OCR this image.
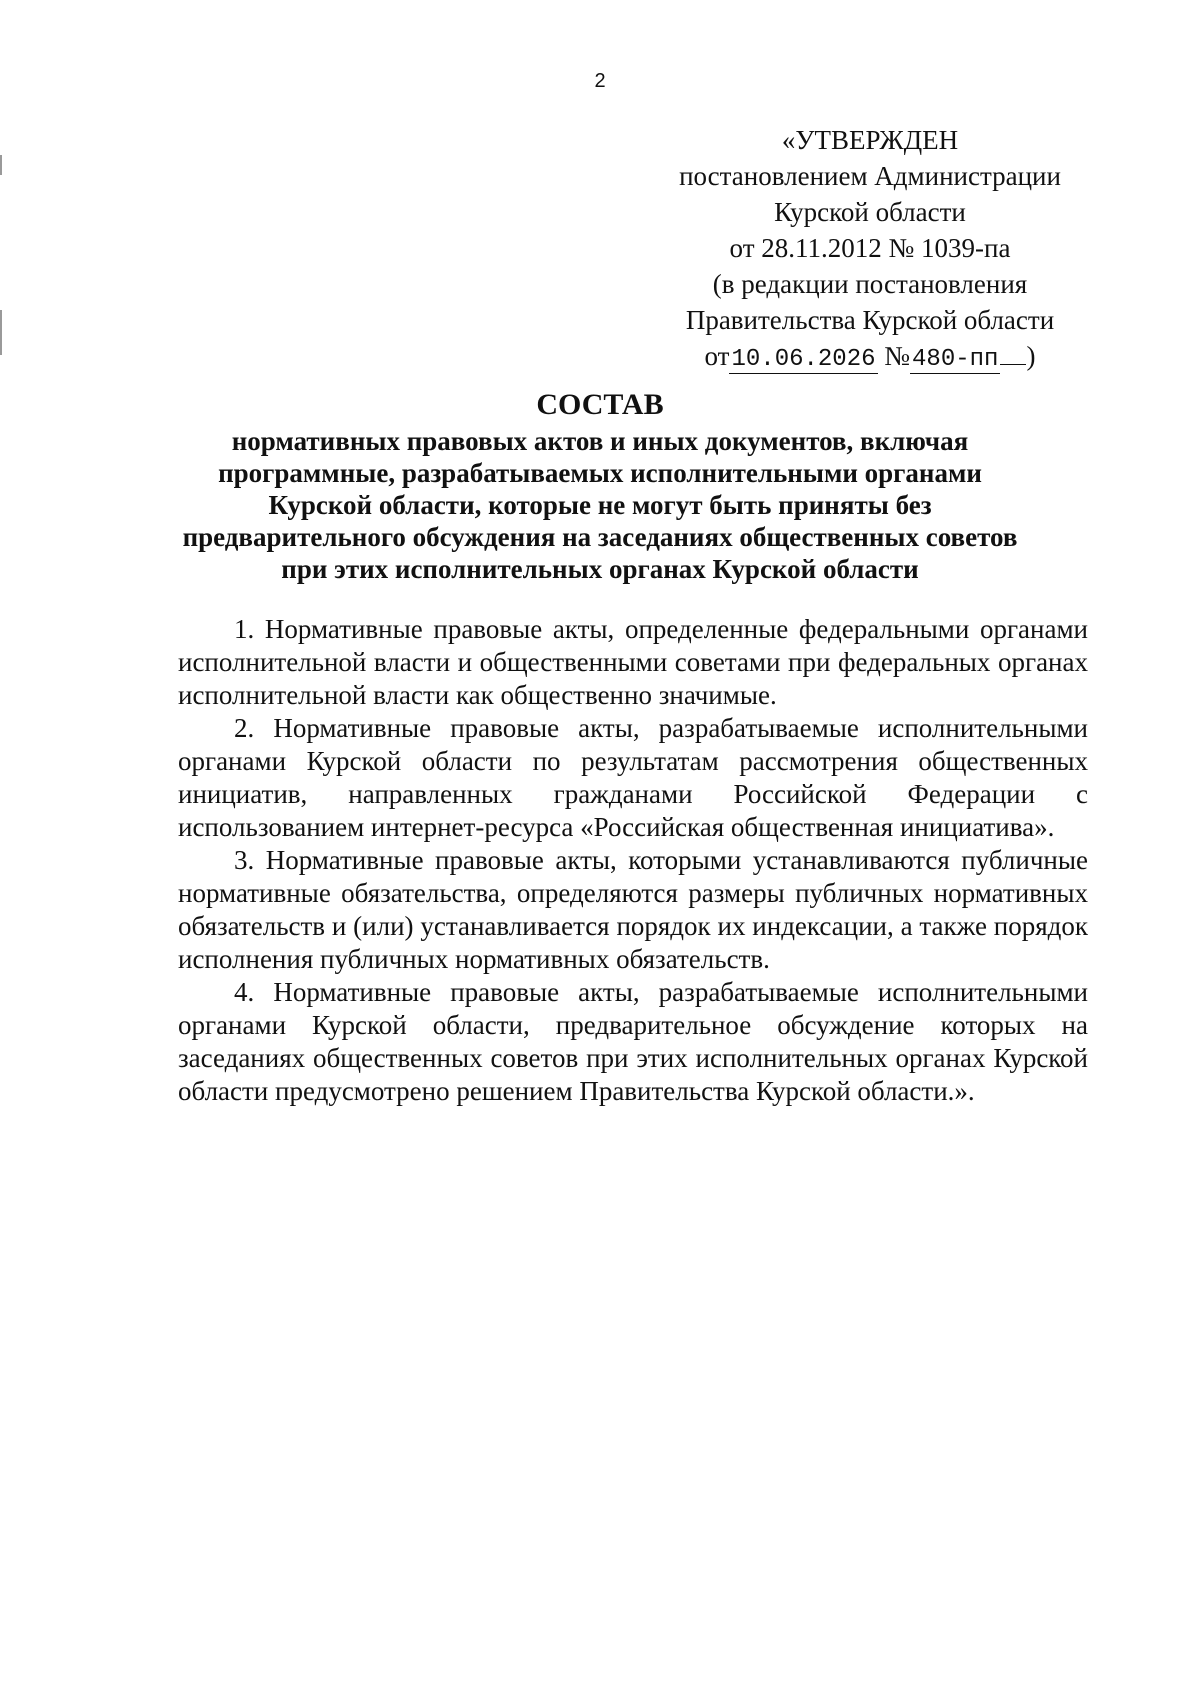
2
«УТВЕРЖДЕН
постановлением Администрации
Курской области
от 28.11.2012 № 1039-па
(в редакции постановления
Правительства Курской области
от10.06.2026 №480-пп )
СОСТАВ
нормативных правовых актов и иных документов, включая
программные, разрабатываемых исполнительными органами
Курской области, которые не могут быть приняты без
предварительного обсуждения на заседаниях общественных советов
при этих исполнительных органах Курской области

1. Нормативные правовые акты, определенные федеральными органами исполнительной власти и общественными советами при федеральных органах исполнительной власти как общественно значимые.

2. Нормативные правовые акты, разрабатываемые исполнительными органами Курской области по результатам рассмотрения общественных инициатив, направленных гражданами Российской Федерации с использованием интернет-ресурса «Российская общественная инициатива».

3. Нормативные правовые акты, которыми устанавливаются публичные нормативные обязательства, определяются размеры публичных нормативных обязательств и (или) устанавливается порядок их индексации, а также порядок исполнения публичных нормативных обязательств.

4. Нормативные правовые акты, разрабатываемые исполнительными органами Курской области, предварительное обсуждение которых на заседаниях общественных советов при этих исполнительных органах Курской области предусмотрено решением Правительства Курской области.».
